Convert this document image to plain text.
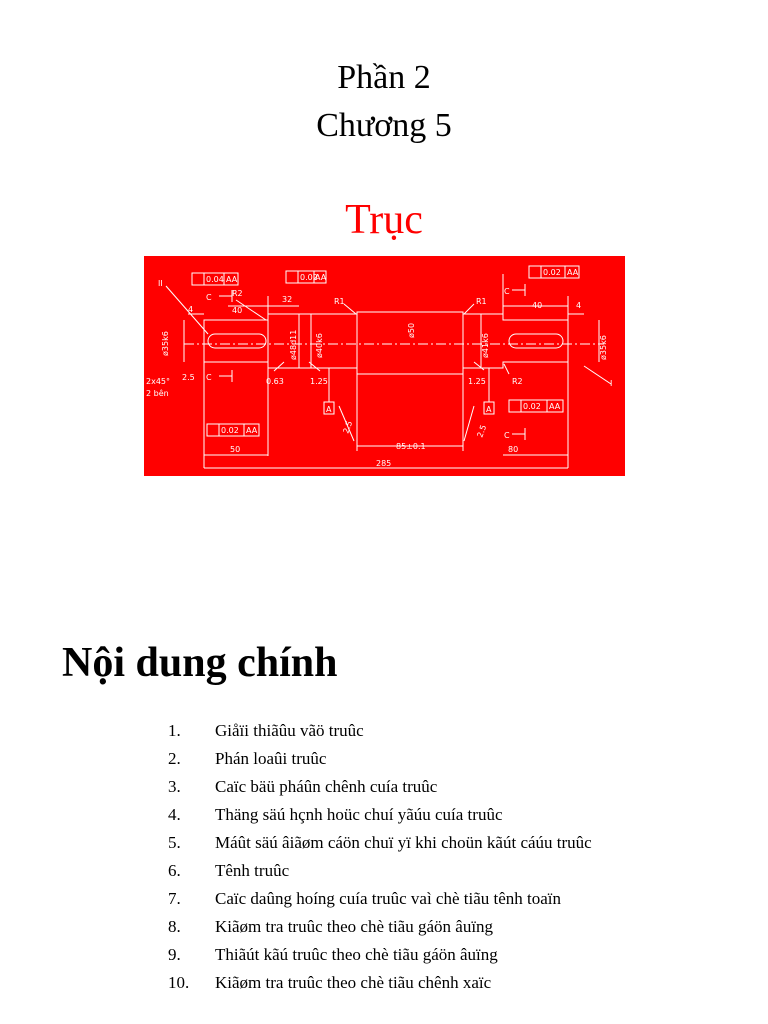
Phần 2
Chương 5
Trục
0.04 AA	0.02
AA
0.02 AA
0.02 AA
0.02 AA
II
I
C
C
C
C
R2
R2
R1	R1
A	A
4	4
40
40
32
50	80
285
85±0.1
0.63	1.25	1.25
2.5
2x45°
2 bên
ø35k6	ø35k6
ø48d11 ø40k6
ø50
ø41k6
2.5	2.5
Nội dung chính
1. Giåïi thiãûu vãö truûc
2. Phán loaûi truûc
3. Caïc bäü pháûn chênh cuía truûc
4. Thäng säú hçnh hoüc chuí yãúu cuía truûc
5. Máût säú âiãøm cáön chuï yï khi choün kãút cáúu truûc
6. Tênh truûc
7. Caïc daûng hoíng cuía truûc vaì chè tiãu tênh toaïn
8. Kiãøm tra truûc theo chè tiãu gáön âuïng
9. Thiãút kãú truûc theo chè tiãu gáön âuïng
10. Kiãøm tra truûc theo chè tiãu chênh xaïc
